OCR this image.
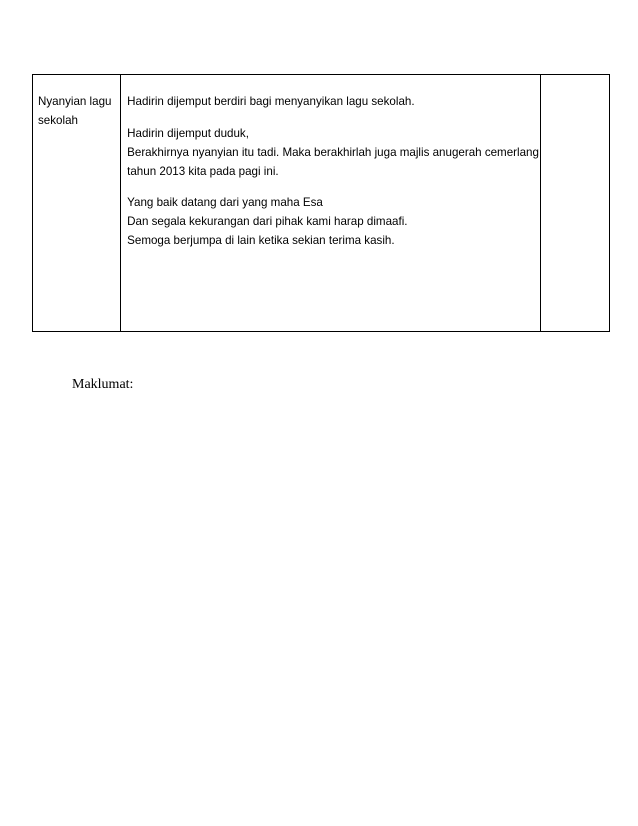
Nyanyian lagu
sekolah

Hadirin dijemput berdiri bagi menyanyikan lagu sekolah.
Hadirin dijemput duduk,
Berakhirnya nyanyian itu tadi. Maka berakhirlah juga majlis anugerah cemerlang
tahun 2013 kita pada pagi ini.
Yang baik datang dari yang maha Esa
Dan segala kekurangan dari pihak kami harap dimaafi.
Semoga berjumpa di lain ketika sekian terima kasih.

Maklumat:
